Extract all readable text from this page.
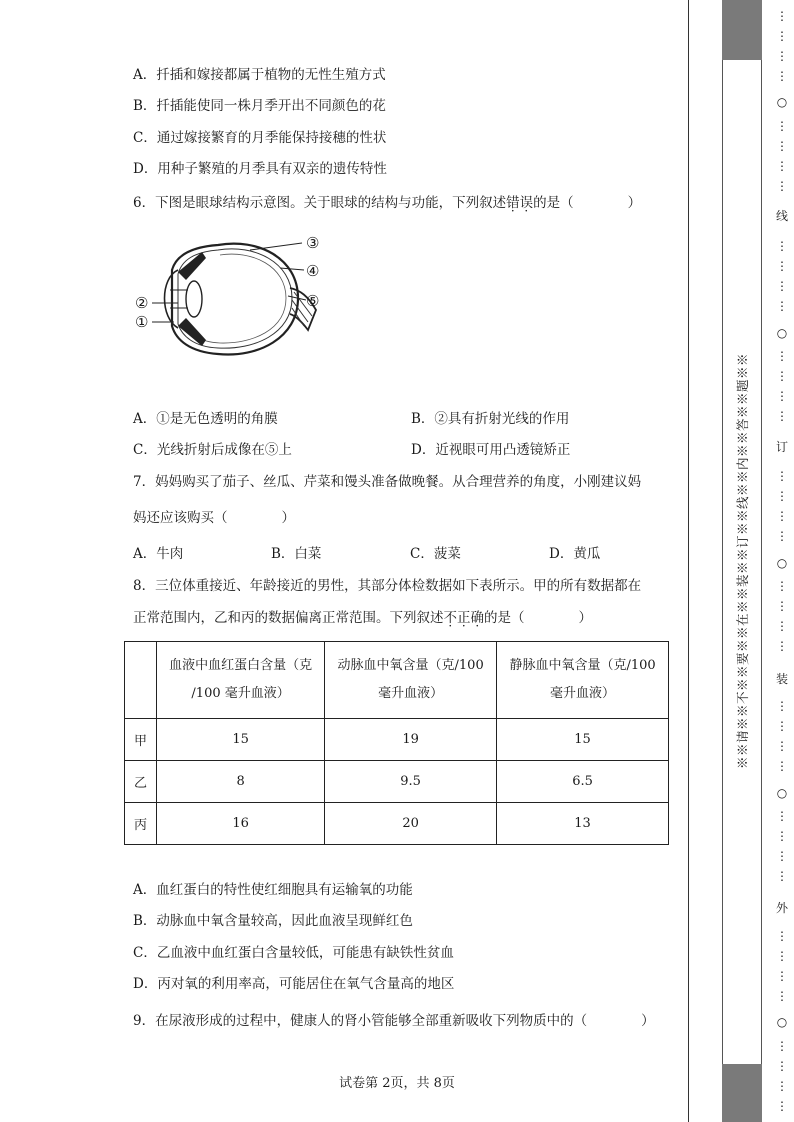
A．扦插和嫁接都属于植物的无性生殖方式
B．扦插能使同一株月季开出不同颜色的花
C．通过嫁接繁育的月季能保持接穗的性状
D．用种子繁殖的月季具有双亲的遗传特性
6．下图是眼球结构示意图。关于眼球的结构与功能，下列叙述错误的是（　　　　）
③
④
⑤
②
①
A．①是无色透明的角膜	B．②具有折射光线的作用
C．光线折射后成像在⑤上	D．近视眼可用凸透镜矫正
7．妈妈购买了茄子、丝瓜、芹菜和馒头准备做晚餐。从合理营养的角度，小刚建议妈
妈还应该购买（　　　　）
A．牛肉	B．白菜	C．菠菜	D．黄瓜
8．三位体重接近、年龄接近的男性，其部分体检数据如下表所示。甲的所有数据都在
正常范围内，乙和丙的数据偏离正常范围。下列叙述不正确的是（　　　　）
	血液中血红蛋白含量（克
/100 毫升血液）	动脉血中氧含量（克/100
毫升血液）	静脉血中氧含量（克/100
毫升血液）
甲	15	19	15
乙	8	9.5	6.5
丙	16	20	13
A．血红蛋白的特性使红细胞具有运输氧的功能
B．动脉血中氧含量较高，因此血液呈现鲜红色
C．乙血液中血红蛋白含量较低，可能患有缺铁性贫血
D．丙对氧的利用率高，可能居住在氧气含量高的地区
9．在尿液形成的过程中，健康人的肾小管能够全部重新吸收下列物质中的（　　　　）
试卷第 2页，共 8页
※※请※※不※※要※※在※※装※※订※※线※※内※※答※※题※※
⋮
⋮
⋮
⋮
○
⋮
⋮
⋮
⋮
线
⋮
⋮
⋮
⋮
○
⋮
⋮
⋮
⋮
订
⋮
⋮
⋮
⋮
○
⋮
⋮
⋮
⋮
装
⋮
⋮
⋮
⋮
○
⋮
⋮
⋮
⋮
外
⋮
⋮
⋮
⋮
○
⋮
⋮
⋮
⋮
